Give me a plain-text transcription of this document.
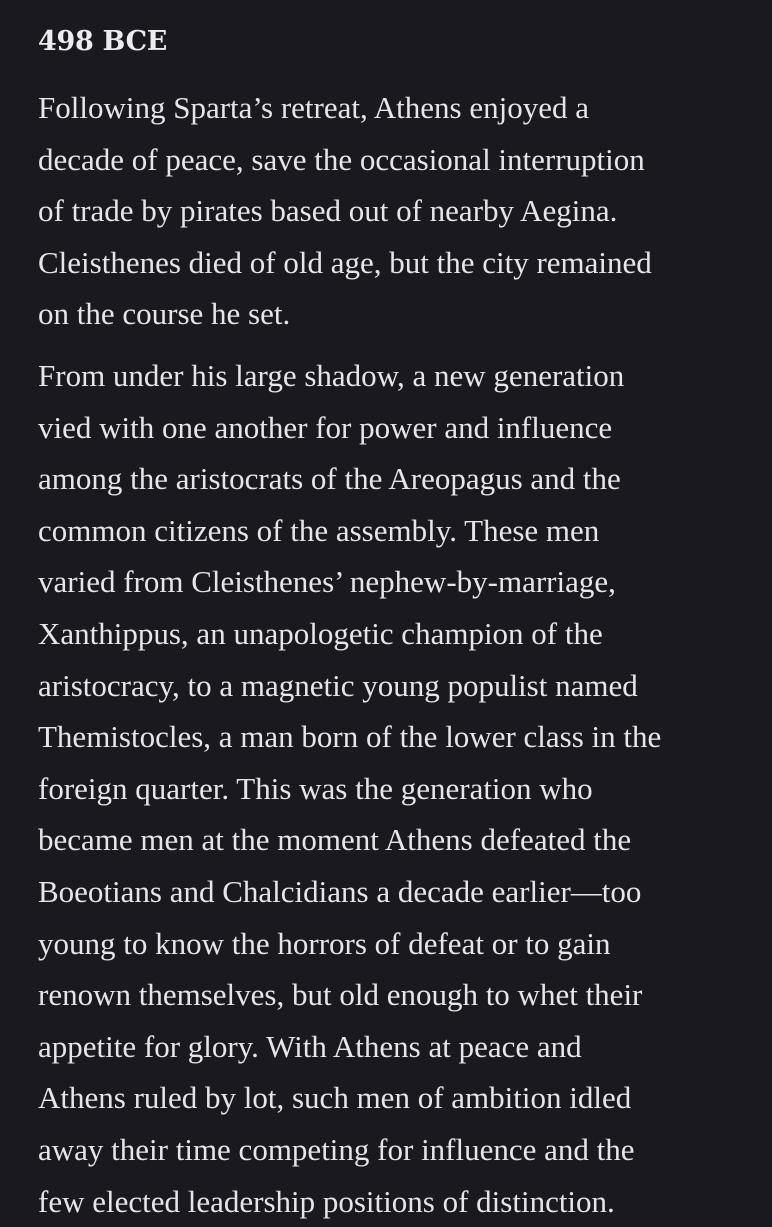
498 BCE

Following Sparta’s retreat, Athens enjoyed a
decade of peace, save the occasional interruption
of trade by pirates based out of nearby Aegina.
Cleisthenes died of old age, but the city remained
on the course he set.

From under his large shadow, a new generation
vied with one another for power and influence
among the aristocrats of the Areopagus and the
common citizens of the assembly. These men
varied from Cleisthenes’ nephew-by-marriage,
Xanthippus, an unapologetic champion of the
aristocracy, to a magnetic young populist named
Themistocles, a man born of the lower class in the
foreign quarter. This was the generation who
became men at the moment Athens defeated the
Boeotians and Chalcidians a decade earlier—too
young to know the horrors of defeat or to gain
renown themselves, but old enough to whet their
appetite for glory. With Athens at peace and
Athens ruled by lot, such men of ambition idled
away their time competing for influence and the
few elected leadership positions of distinction.
